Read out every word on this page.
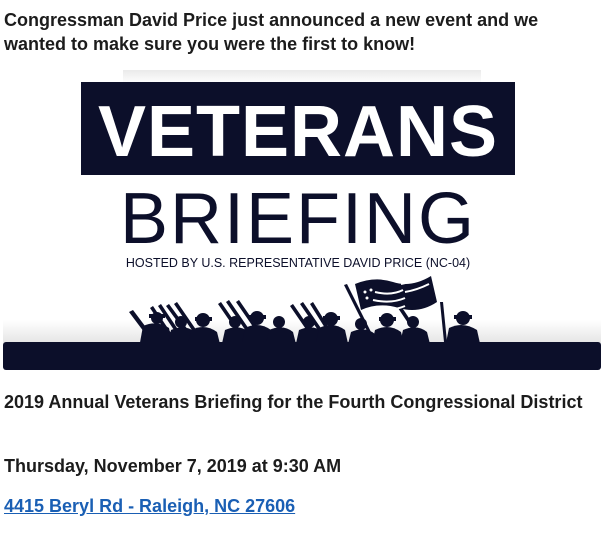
Congressman David Price just announced a new event and we wanted to make sure you were the first to know!
VETERANS
BRIEFING
HOSTED BY U.S. REPRESENTATIVE DAVID PRICE (NC-04)
2019 Annual Veterans Briefing for the Fourth Congressional District
Thursday, November 7, 2019 at 9:30 AM
4415 Beryl Rd - Raleigh, NC 27606
